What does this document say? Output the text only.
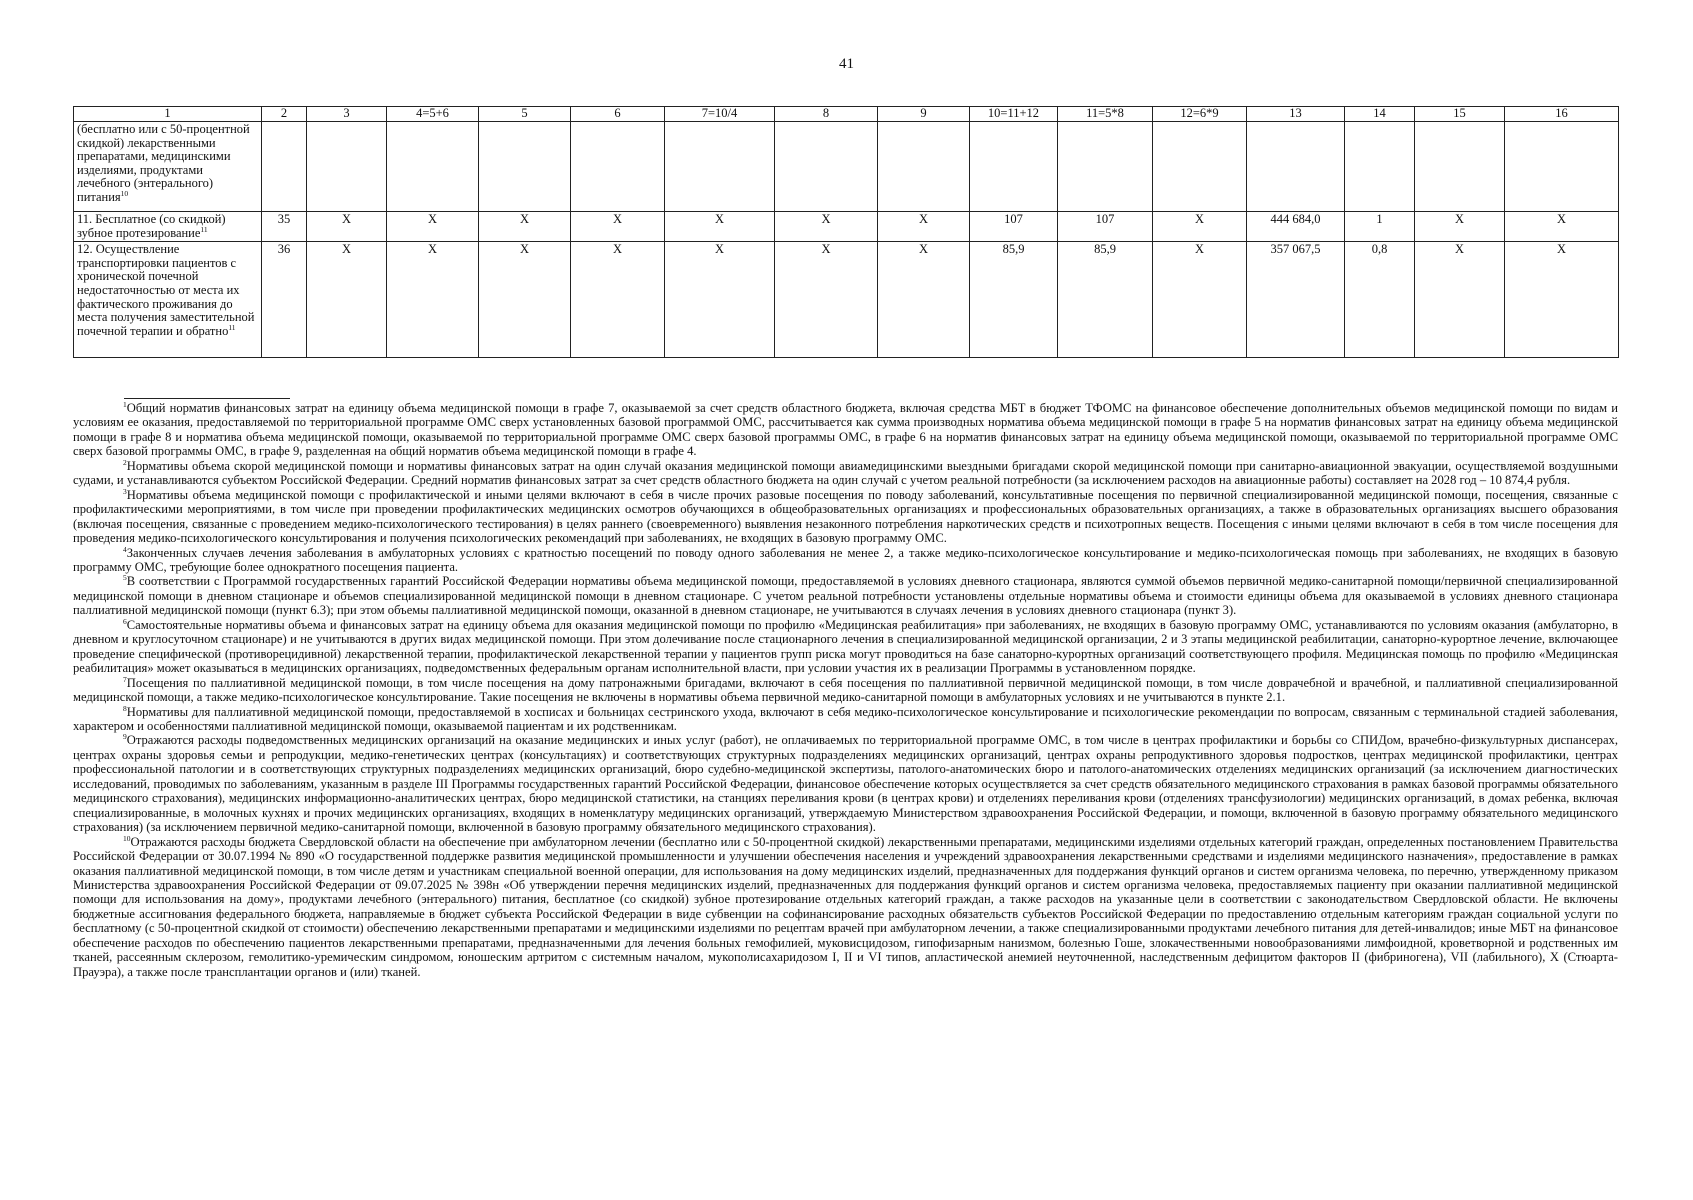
41
1	2	3	4=5+6	5	6	7=10/4	8	9	10=11+12	11=5*8	12=6*9	13	14	15	16
(бесплатно или с 50-процентной скидкой) лекарственными препаратами, медицинскими изделиями, продуктами лечебного (энтерального) питания$^{10}$															
11. Бесплатное (со скидкой) зубное протезирование$^{11}$	35	Х	Х	Х	Х	Х	Х	Х	107	107	Х	444 684,0	1	Х	Х
12. Осуществление транспортировки пациентов с хронической почечной недостаточностью от места их фактического проживания до места получения заместительной почечной терапии и обратно$^{11}$	36	Х	Х	Х	Х	Х	Х	Х	85,9	85,9	Х	357 067,5	0,8	Х	Х

$^1$Общий норматив финансовых затрат на единицу объема медицинской помощи в графе 7, оказываемой за счет средств областного бюджета, включая средства МБТ в бюджет ТФОМС на финансовое обеспечение дополнительных объемов медицинской помощи по видам и условиям ее оказания, предоставляемой по территориальной программе ОМС сверх установленных базовой программой ОМС, рассчитывается как сумма производных норматива объема медицинской помощи в графе 5 на норматив финансовых затрат на единицу объема медицинской помощи в графе 8 и норматива объема медицинской помощи, оказываемой по территориальной программе ОМС сверх базовой программы ОМС, в графе 6 на норматив финансовых затрат на единицу объема медицинской помощи, оказываемой по территориальной программе ОМС сверх базовой программы ОМС, в графе 9, разделенная на общий норматив объема медицинской помощи в графе 4.

$^2$Нормативы объема скорой медицинской помощи и нормативы финансовых затрат на один случай оказания медицинской помощи авиамедицинскими выездными бригадами скорой медицинской помощи при санитарно-авиационной эвакуации, осуществляемой воздушными судами, и устанавливаются субъектом Российской Федерации. Средний норматив финансовых затрат за счет средств областного бюджета на один случай с учетом реальной потребности (за исключением расходов на авиационные работы) составляет на 2028 год – 10 874,4 рубля.

$^3$Нормативы объема медицинской помощи с профилактической и иными целями включают в себя в числе прочих разовые посещения по поводу заболеваний, консультативные посещения по первичной специализированной медицинской помощи, посещения, связанные с профилактическими мероприятиями, в том числе при проведении профилактических медицинских осмотров обучающихся в общеобразовательных организациях и профессиональных образовательных организациях, а также в образовательных организациях высшего образования (включая посещения, связанные с проведением медико-психологического тестирования) в целях раннего (своевременного) выявления незаконного потребления наркотических средств и психотропных веществ. Посещения с иными целями включают в себя в том числе посещения для проведения медико-психологического консультирования и получения психологических рекомендаций при заболеваниях, не входящих в базовую программу ОМС.

$^4$Законченных случаев лечения заболевания в амбулаторных условиях с кратностью посещений по поводу одного заболевания не менее 2, а также медико-психологическое консультирование и медико-психологическая помощь при заболеваниях, не входящих в базовую программу ОМС, требующие более однократного посещения пациента.

$^5$В соответствии с Программой государственных гарантий Российской Федерации нормативы объема медицинской помощи, предоставляемой в условиях дневного стационара, являются суммой объемов первичной медико-санитарной помощи/первичной специализированной медицинской помощи в дневном стационаре и объемов специализированной медицинской помощи в дневном стационаре. С учетом реальной потребности установлены отдельные нормативы объема и стоимости единицы объема для оказываемой в условиях дневного стационара паллиативной медицинской помощи (пункт 6.3); при этом объемы паллиативной медицинской помощи, оказанной в дневном стационаре, не учитываются в случаях лечения в условиях дневного стационара (пункт 3).

$^6$Самостоятельные нормативы объема и финансовых затрат на единицу объема для оказания медицинской помощи по профилю «Медицинская реабилитация» при заболеваниях, не входящих в базовую программу ОМС, устанавливаются по условиям оказания (амбулаторно, в дневном и круглосуточном стационаре) и не учитываются в других видах медицинской помощи. При этом долечивание после стационарного лечения в специализированной медицинской организации, 2 и 3 этапы медицинской реабилитации, санаторно-курортное лечение, включающее проведение специфической (противорецидивной) лекарственной терапии, профилактической лекарственной терапии у пациентов групп риска могут проводиться на базе санаторно-курортных организаций соответствующего профиля. Медицинская помощь по профилю «Медицинская реабилитация» может оказываться в медицинских организациях, подведомственных федеральным органам исполнительной власти, при условии участия их в реализации Программы в установленном порядке.

$^7$Посещения по паллиативной медицинской помощи, в том числе посещения на дому патронажными бригадами, включают в себя посещения по паллиативной первичной медицинской помощи, в том числе доврачебной и врачебной, и паллиативной специализированной медицинской помощи, а также медико-психологическое консультирование. Такие посещения не включены в нормативы объема первичной медико-санитарной помощи в амбулаторных условиях и не учитываются в пункте 2.1.

$^8$Нормативы для паллиативной медицинской помощи, предоставляемой в хосписах и больницах сестринского ухода, включают в себя медико-психологическое консультирование и психологические рекомендации по вопросам, связанным с терминальной стадией заболевания, характером и особенностями паллиативной медицинской помощи, оказываемой пациентам и их родственникам.

$^9$Отражаются расходы подведомственных медицинских организаций на оказание медицинских и иных услуг (работ), не оплачиваемых по территориальной программе ОМС, в том числе в центрах профилактики и борьбы со СПИДом, врачебно-физкультурных диспансерах, центрах охраны здоровья семьи и репродукции, медико-генетических центрах (консультациях) и соответствующих структурных подразделениях медицинских организаций, центрах охраны репродуктивного здоровья подростков, центрах медицинской профилактики, центрах профессиональной патологии и в соответствующих структурных подразделениях медицинских организаций, бюро судебно-медицинской экспертизы, патолого-анатомических бюро и патолого-анатомических отделениях медицинских организаций (за исключением диагностических исследований, проводимых по заболеваниям, указанным в разделе III Программы государственных гарантий Российской Федерации, финансовое обеспечение которых осуществляется за счет средств обязательного медицинского страхования в рамках базовой программы обязательного медицинского страхования), медицинских информационно-аналитических центрах, бюро медицинской статистики, на станциях переливания крови (в центрах крови) и отделениях переливания крови (отделениях трансфузиологии) медицинских организаций, в домах ребенка, включая специализированные, в молочных кухнях и прочих медицинских организациях, входящих в номенклатуру медицинских организаций, утверждаемую Министерством здравоохранения Российской Федерации, и помощи, включенной в базовую программу обязательного медицинского страхования) (за исключением первичной медико-санитарной помощи, включенной в базовую программу обязательного медицинского страхования).

$^{10}$Отражаются расходы бюджета Свердловской области на обеспечение при амбулаторном лечении (бесплатно или с 50-процентной скидкой) лекарственными препаратами, медицинскими изделиями отдельных категорий граждан, определенных постановлением Правительства Российской Федерации от 30.07.1994 № 890 «О государственной поддержке развития медицинской промышленности и улучшении обеспечения населения и учреждений здравоохранения лекарственными средствами и изделиями медицинского назначения», предоставление в рамках оказания паллиативной медицинской помощи, в том числе детям и участникам специальной военной операции, для использования на дому медицинских изделий, предназначенных для поддержания функций органов и систем организма человека, по перечню, утвержденному приказом Министерства здравоохранения Российской Федерации от 09.07.2025 № 398н «Об утверждении перечня медицинских изделий, предназначенных для поддержания функций органов и систем организма человека, предоставляемых пациенту при оказании паллиативной медицинской помощи для использования на дому», продуктами лечебного (энтерального) питания, бесплатное (со скидкой) зубное протезирование отдельных категорий граждан, а также расходов на указанные цели в соответствии с законодательством Свердловской области. Не включены бюджетные ассигнования федерального бюджета, направляемые в бюджет субъекта Российской Федерации в виде субвенции на софинансирование расходных обязательств субъектов Российской Федерации по предоставлению отдельным категориям граждан социальной услуги по бесплатному (с 50-процентной скидкой от стоимости) обеспечению лекарственными препаратами и медицинскими изделиями по рецептам врачей при амбулаторном лечении, а также специализированными продуктами лечебного питания для детей-инвалидов; иные МБТ на финансовое обеспечение расходов по обеспечению пациентов лекарственными препаратами, предназначенными для лечения больных гемофилией, муковисцидозом, гипофизарным нанизмом, болезнью Гоше, злокачественными новообразованиями лимфоидной, кроветворной и родственных им тканей, рассеянным склерозом, гемолитико-уремическим синдромом, юношеским артритом с системным началом, мукополисахаридозом I, II и VI типов, апластической анемией неуточненной, наследственным дефицитом факторов II (фибриногена), VII (лабильного), X (Стюарта-Прауэра), а также после трансплантации органов и (или) тканей.
